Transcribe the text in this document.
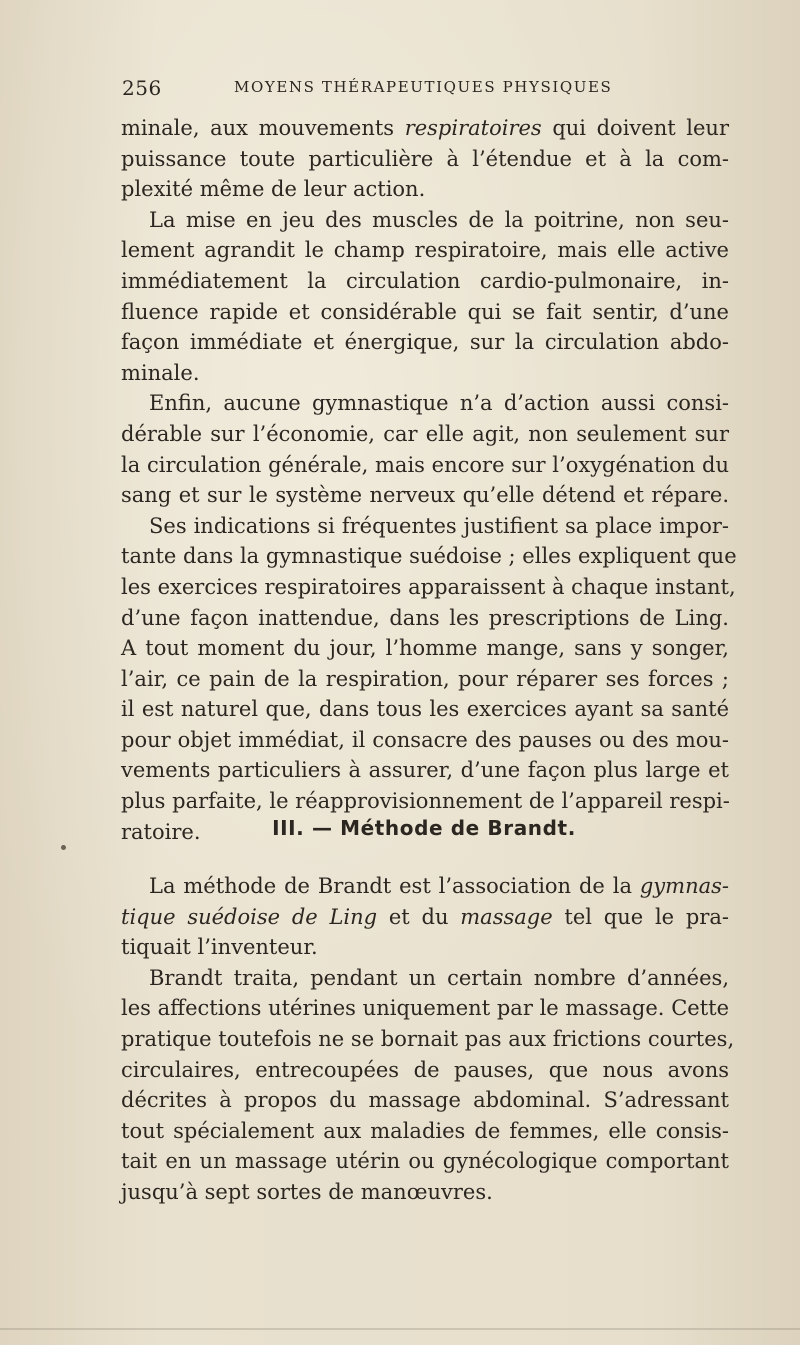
256	MOYENS THÉRAPEUTIQUES PHYSIQUES
minale, aux mouvements respiratoires qui doivent leur
puissance toute particulière à l’étendue et à la com-
plexité même de leur action.
La mise en jeu des muscles de la poitrine, non seu-
lement agrandit le champ respiratoire, mais elle active
immédiatement la circulation cardio-pulmonaire, in-
fluence rapide et considérable qui se fait sentir, d’une
façon immédiate et énergique, sur la circulation abdo-
minale.
Enfin, aucune gymnastique n’a d’action aussi consi-
dérable sur l’économie, car elle agit, non seulement sur
la circulation générale, mais encore sur l’oxygénation du
sang et sur le système nerveux qu’elle détend et répare.
Ses indications si fréquentes justifient sa place impor-
tante dans la gymnastique suédoise ; elles expliquent que
les exercices respiratoires apparaissent à chaque instant,
d’une façon inattendue, dans les prescriptions de Ling.
A tout moment du jour, l’homme mange, sans y songer,
l’air, ce pain de la respiration, pour réparer ses forces ;
il est naturel que, dans tous les exercices ayant sa santé
pour objet immédiat, il consacre des pauses ou des mou-
vements particuliers à assurer, d’une façon plus large et
plus parfaite, le réapprovisionnement de l’appareil respi-
ratoire.	III. — Méthode de Brandt.
La méthode de Brandt est l’association de la gymnas-
tique suédoise de Ling et du massage tel que le pra-
tiquait l’inventeur.
Brandt traita, pendant un certain nombre d’années,
les affections utérines uniquement par le massage. Cette
pratique toutefois ne se bornait pas aux frictions courtes,
circulaires, entrecoupées de pauses, que nous avons
décrites à propos du massage abdominal. S’adressant
tout spécialement aux maladies de femmes, elle consis-
tait en un massage utérin ou gynécologique comportant
jusqu’à sept sortes de manœuvres.
